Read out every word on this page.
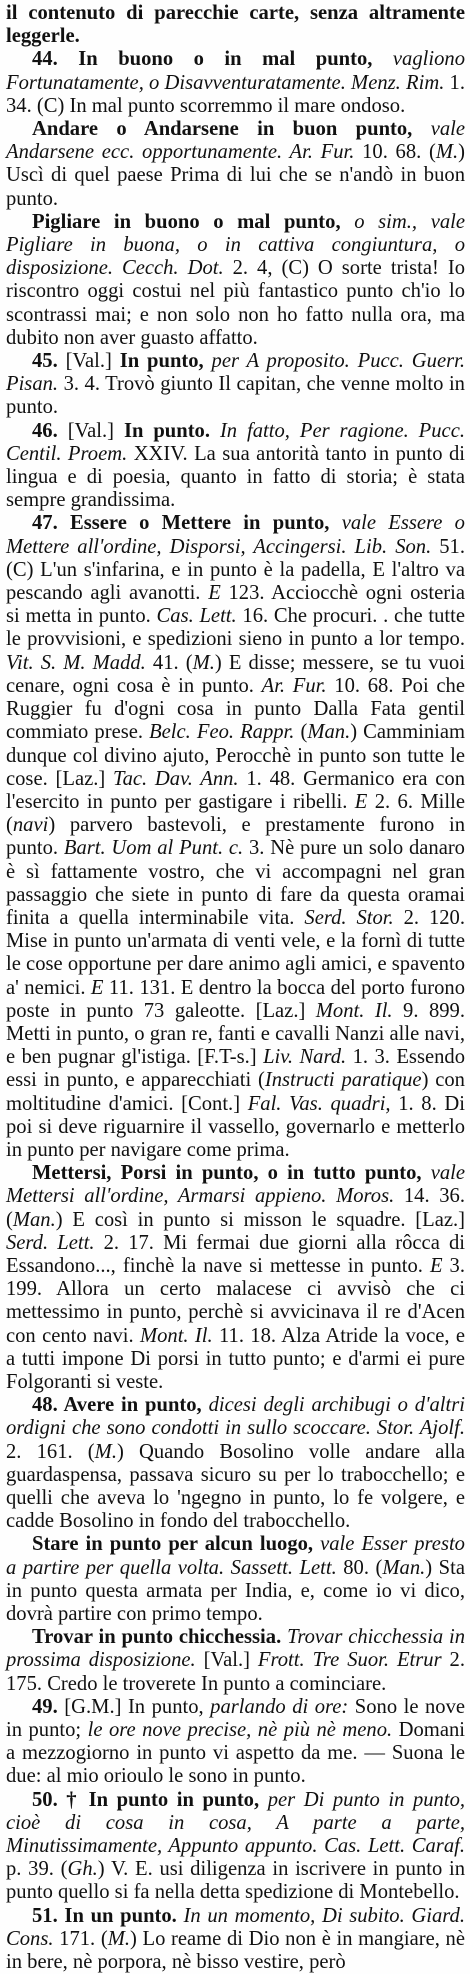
il contenuto di parecchie carte, senza altramente leggerle.

44. In buono o in mal punto, vagliono Fortunatamente, o Disavventuratamente. Menz. Rim. 1. 34. (C) In mal punto scorremmo il mare ondoso.

Andare o Andarsene in buon punto, vale Andarsene ecc. opportunamente. Ar. Fur. 10. 68. (M.) Uscì di quel paese Prima di lui che se n'andò in buon punto.

Pigliare in buono o mal punto, o sim., vale Pigliare in buona, o in cattiva congiuntura, o disposizione. Cecch. Dot. 2. 4, (C) O sorte trista! Io riscontro oggi costui nel più fantastico punto ch'io lo scontrassi mai; e non solo non ho fatto nulla ora, ma dubito non aver guasto affatto.

45. [Val.] In punto, per A proposito. Pucc. Guerr. Pisan. 3. 4. Trovò giunto Il capitan, che venne molto in punto.

46. [Val.] In punto. In fatto, Per ragione. Pucc. Centil. Proem. XXIV. La sua antorità tanto in punto di lingua e di poesia, quanto in fatto di storia; è stata sempre grandissima.

47. Essere o Mettere in punto, vale Essere o Mettere all'ordine, Disporsi, Accingersi. Lib. Son. 51. (C) L'un s'infarina, e in punto è la padella, E l'altro va pescando agli avanotti. E 123. Acciocchè ogni osteria si metta in punto. Cas. Lett. 16. Che procuri. . che tutte le provvisioni, e spedizioni sieno in punto a lor tempo. Vit. S. M. Madd. 41. (M.) E disse; messere, se tu vuoi cenare, ogni cosa è in punto. Ar. Fur. 10. 68. Poi che Ruggier fu d'ogni cosa in punto Dalla Fata gentil commiato prese. Belc. Feo. Rappr. (Man.) Camminiam dunque col divino ajuto, Perocchè in punto son tutte le cose. [Laz.] Tac. Dav. Ann. 1. 48. Germanico era con l'esercito in punto per gastigare i ribelli. E 2. 6. Mille (navi) parvero bastevoli, e prestamente furono in punto. Bart. Uom al Punt. c. 3. Nè pure un solo danaro è sì fattamente vostro, che vi accompagni nel gran passaggio che siete in punto di fare da questa oramai finita a quella interminabile vita. Serd. Stor. 2. 120. Mise in punto un'armata di venti vele, e la fornì di tutte le cose opportune per dare animo agli amici, e spavento a' nemici. E 11. 131. E dentro la bocca del porto furono poste in punto 73 galeotte. [Laz.] Mont. Il. 9. 899. Metti in punto, o gran re, fanti e cavalli Nanzi alle navi, e ben pugnar gl'istiga. [F.T-s.] Liv. Nard. 1. 3. Essendo essi in punto, e apparecchiati (Instructi paratique) con moltitudine d'amici. [Cont.] Fal. Vas. quadri, 1. 8. Di poi si deve riguarnire il vassello, governarlo e metterlo in punto per navigare come prima.

Mettersi, Porsi in punto, o in tutto punto, vale Mettersi all'ordine, Armarsi appieno. Moros. 14. 36. (Man.) E così in punto si misson le squadre. [Laz.] Serd. Lett. 2. 17. Mi fermai due giorni alla rôcca di Essandono..., finchè la nave si mettesse in punto. E 3. 199. Allora un certo malacese ci avvisò che ci mettessimo in punto, perchè si avvicinava il re d'Acen con cento navi. Mont. Il. 11. 18. Alza Atride la voce, e a tutti impone Di porsi in tutto punto; e d'armi ei pure Folgoranti si veste.

48. Avere in punto, dicesi degli archibugi o d'altri ordigni che sono condotti in sullo scoccare. Stor. Ajolf. 2. 161. (M.) Quando Bosolino volle andare alla guardaspensa, passava sicuro su per lo trabocchello; e quelli che aveva lo 'ngegno in punto, lo fe volgere, e cadde Bosolino in fondo del trabocchello.

Stare in punto per alcun luogo, vale Esser presto a partire per quella volta. Sassett. Lett. 80. (Man.) Sta in punto questa armata per India, e, come io vi dico, dovrà partire con primo tempo.

Trovar in punto chicchessia. Trovar chicchessia in prossima disposizione. [Val.] Frott. Tre Suor. Etrur 2. 175. Credo le troverete In punto a cominciare.

49. [G.M.] In punto, parlando di ore: Sono le nove in punto; le ore nove precise, nè più nè meno. Domani a mezzogiorno in punto vi aspetto da me. — Suona le due: al mio orioulo le sono in punto.

50. † In punto in punto, per Di punto in punto, cioè di cosa in cosa, A parte a parte, Minutissimamente, Appunto appunto. Cas. Lett. Caraf. p. 39. (Gh.) V. E. usi diligenza in iscrivere in punto in punto quello si fa nella detta spedizione di Montebello.

51. In un punto. In un momento, Di subito. Giard. Cons. 171. (M.) Lo reame di Dio non è in mangiare, nè in bere, nè porpora, nè bisso vestire, però
